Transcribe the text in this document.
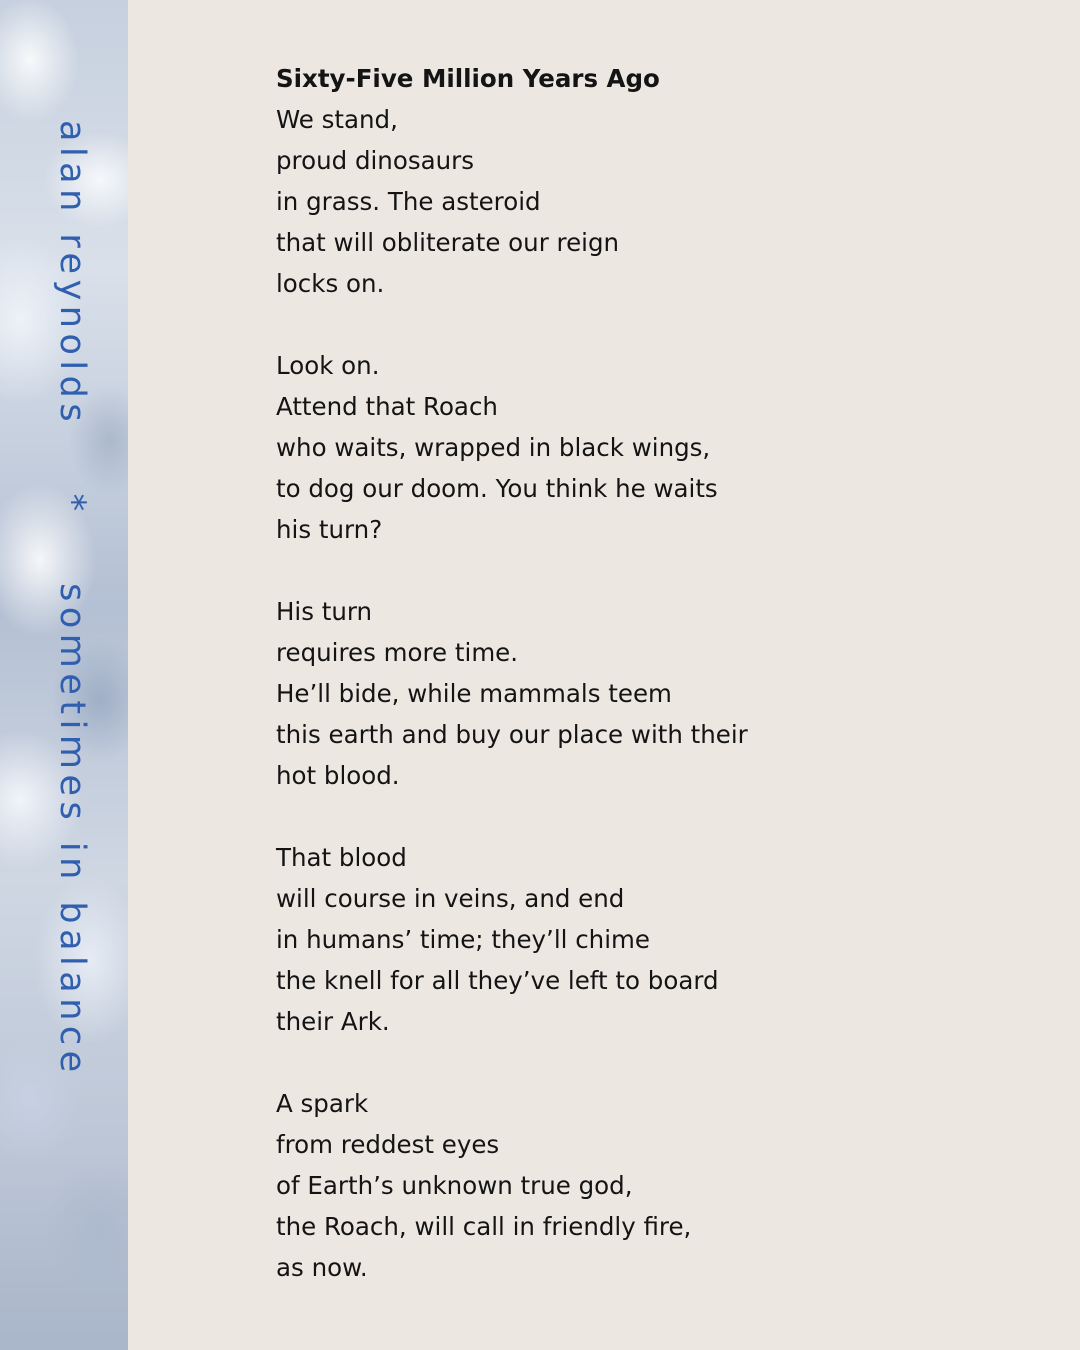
alan reynolds    *    sometimes in balance
Sixty-Five Million Years Ago
We stand,
proud dinosaurs
in grass. The asteroid
that will obliterate our reign
locks on.
Look on.
Attend that Roach
who waits, wrapped in black wings,
to dog our doom. You think he waits
his turn?
His turn
requires more time.
He’ll bide, while mammals teem
this earth and buy our place with their
hot blood.
That blood
will course in veins, and end
in humans’ time; they’ll chime
the knell for all they’ve left to board
their Ark.
A spark
from reddest eyes
of Earth’s unknown true god,
the Roach, will call in friendly fire,
as now.
